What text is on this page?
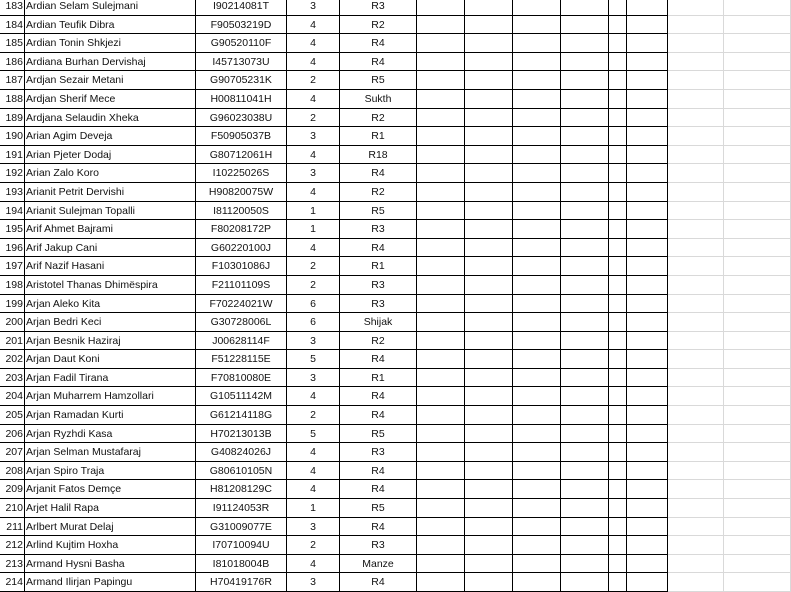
183 Ardian Selam Sulejmani	I90214081T	3	R3
184 Ardian Teufik Dibra	F90503219D	4	R2
185 Ardian Tonin Shkjezi	G90520110F	4	R4
186 Ardiana Burhan Dervishaj	I45713073U	4	R4
187 Ardjan Sezair Metani	G90705231K	2	R5
188 Ardjan Sherif Mece	H00811041H	4	Sukth
189 Ardjana Selaudin Xheka	G96023038U	2	R2
190 Arian Agim Deveja	F50905037B	3	R1
191 Arian Pjeter Dodaj	G80712061H	4	R18
192 Arian Zalo Koro	I10225026S	3	R4
193 Arianit Petrit Dervishi	H90820075W	4	R2
194 Arianit Sulejman Topalli	I81120050S	1	R5
195 Arif Ahmet Bajrami	F80208172P	1	R3
196 Arif Jakup Cani	G60220100J	4	R4
197 Arif Nazif Hasani	F10301086J	2	R1
198 Aristotel Thanas Dhimëspira	F21101109S	2	R3
199 Arjan Aleko Kita	F70224021W	6	R3
200 Arjan Bedri Keci	G30728006L	6	Shijak
201 Arjan Besnik Haziraj	J00628114F	3	R2
202 Arjan Daut Koni	F51228115E	5	R4
203 Arjan Fadil Tirana	F70810080E	3	R1
204 Arjan Muharrem Hamzollari	G10511142M	4	R4
205 Arjan Ramadan Kurti	G61214118G	2	R4
206 Arjan Ryzhdi Kasa	H70213013B	5	R5
207 Arjan Selman Mustafaraj	G40824026J	4	R3
208 Arjan Spiro Traja	G80610105N	4	R4
209 Arjanit Fatos Demçe	H81208129C	4	R4
210 Arjet Halil Rapa	I91124053R	1	R5
211 Arlbert Murat Delaj	G31009077E	3	R4
212 Arlind Kujtim Hoxha	I70710094U	2	R3
213 Armand Hysni Basha	I81018004B	4	Manze
214 Armand Ilirjan Papingu	H70419176R	3	R4
